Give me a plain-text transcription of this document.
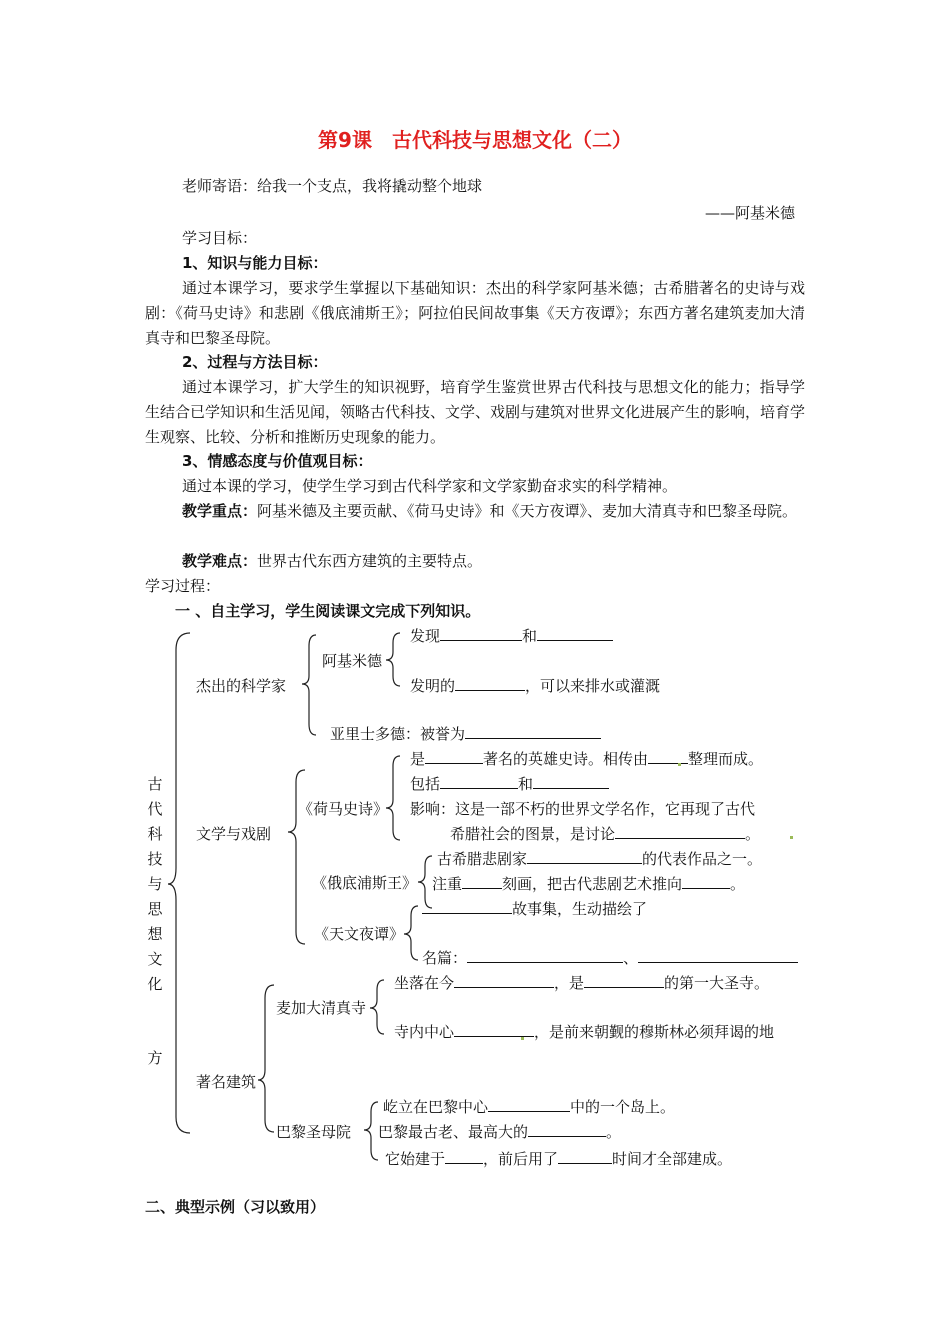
第9课　古代科技与思想文化（二）
老师寄语：给我一个支点，我将撬动整个地球
——阿基米德
学习目标：
1、知识与能力目标：
通过本课学习，要求学生掌握以下基础知识：杰出的科学家阿基米德；古希腊著名的史诗与戏剧：《荷马史诗》和悲剧《俄底浦斯王》；阿拉伯民间故事集《天方夜谭》；东西方著名建筑麦加大清真寺和巴黎圣母院。
2、过程与方法目标：
通过本课学习，扩大学生的知识视野，培育学生鉴赏世界古代科技与思想文化的能力；指导学生结合已学知识和生活见闻，领略古代科技、文学、戏剧与建筑对世界文化进展产生的影响，培育学生观察、比较、分析和推断历史现象的能力。
3、情感态度与价值观目标：
通过本课的学习，使学生学习到古代科学家和文学家勤奋求实的科学精神。
教学重点：阿基米德及主要贡献、《荷马史诗》和《天方夜谭》、麦加大清真寺和巴黎圣母院。
教学难点：世界古代东西方建筑的主要特点。
学习过程：
一 、自主学习，学生阅读课文完成下列知识。
古
代
科
技
与
思
想
文
化
方
杰出的科学家
阿基米德
发现	和
发明的	，可以来排水或灌溉
亚里士多德：被誉为
文学与戏剧
《荷马史诗》
是	著名的英雄史诗。相传由	整理而成。
包括	和
影响：这是一部不朽的世界文学名作，它再现了古代
希腊社会的图景，是讨论	。
《俄底浦斯王》
古希腊悲剧家	的代表作品之一。
注重	刻画，把古代悲剧艺术推向	。
《天文夜谭》
故事集，生动描绘了
名篇：	、
著名建筑
麦加大清真寺
坐落在今	，是	的第一大圣寺。
寺内中心	，是前来朝觐的穆斯林必须拜谒的地
巴黎圣母院
屹立在巴黎中心	中的一个岛上。
巴黎最古老、最高大的	。
它始建于	，前后用了	时间才全部建成。
二、典型示例（习以致用）
